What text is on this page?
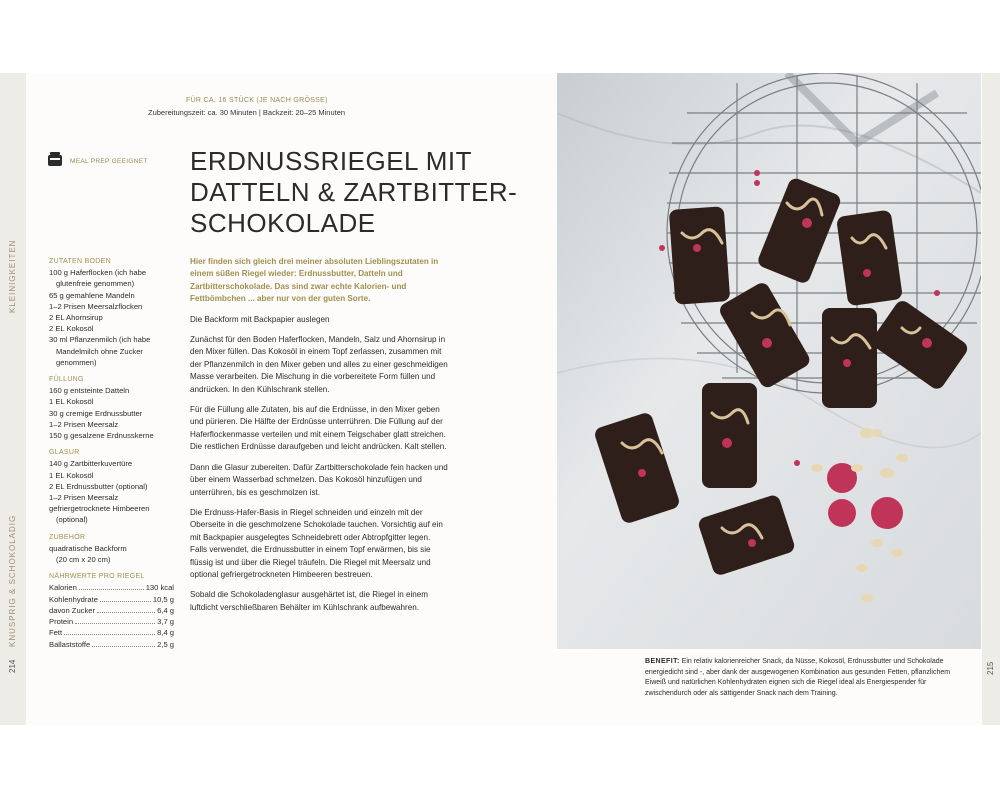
KLEINIGKEITEN
KNUSPRIG & SCHOKOLADIG
214
FÜR CA. 16 STÜCK (JE NACH GRÖSSE)
Zubereitungszeit: ca. 30 Minuten | Backzeit: 20–25 Minuten
MEAL PREP GEEIGNET ERDNUSSRIEGEL MIT
DATTELN & ZARTBITTER-
SCHOKOLADE
ZUTATEN BODEN
100 g Haferflocken (ich habe
glutenfreie genommen)
65 g gemahlene Mandeln
1–2 Prisen Meersalzflocken
2 EL Ahornsirup
2 EL Kokosöl
30 ml Pflanzenmilch (ich habe
Mandelmilch ohne Zucker
genommen)
FÜLLUNG
160 g entsteinte Datteln
1 EL Kokosöl
30 g cremige Erdnussbutter
1–2 Prisen Meersalz
150 g gesalzene Erdnusskerne
GLASUR
140 g Zartbitterkuvertüre
1 EL Kokosöl
2 EL Erdnussbutter (optional)
1–2 Prisen Meersalz
gefriergetrocknete Himbeeren
(optional)
ZUBEHÖR
quadratische Backform
(20 cm x 20 cm)
NÄHRWERTE PRO RIEGEL
Kalorien	130 kcal
Kohlenhydrate	10,5 g
davon Zucker	6,4 g
Protein	3,7 g
Fett	8,4 g
Ballaststoffe	2,5 g

Hier finden sich gleich drei meiner absoluten Lieblingszutaten in einem süßen Riegel wieder: Erdnussbutter, Datteln und Zartbitterschokolade. Das sind zwar echte Kalorien- und Fettbömbchen ... aber nur von der guten Sorte.

Die Backform mit Backpapier auslegen

Zunächst für den Boden Haferflocken, Mandeln, Salz und Ahornsirup in den Mixer füllen. Das Kokosöl in einem Topf zerlassen, zusammen mit der Pflanzenmilch in den Mixer geben und alles zu einer geschmeidigen Masse verarbeiten. Die Mischung in die vorbereitete Form füllen und andrücken. In den Kühlschrank stellen.

Für die Füllung alle Zutaten, bis auf die Erdnüsse, in den Mixer geben und pürieren. Die Hälfte der Erdnüsse unterrühren. Die Füllung auf der Haferflockenmasse verteilen und mit einem Teigschaber glatt streichen. Die restlichen Erdnüsse daraufgeben und leicht andrücken. Kalt stellen.

Dann die Glasur zubereiten. Dafür Zartbitterschokolade fein hacken und über einem Wasserbad schmelzen. Das Kokosöl hinzufügen und unterrühren, bis es geschmolzen ist.

Die Erdnuss-Hafer-Basis in Riegel schneiden und einzeln mit der Oberseite in die geschmolzene Schokolade tauchen. Vorsichtig auf ein mit Backpapier ausgelegtes Schneidebrett oder Abtropfgitter legen. Falls verwendet, die Erdnussbutter in einem Topf erwärmen, bis sie flüssig ist und über die Riegel träufeln. Die Riegel mit Meersalz und optional gefriergetrockneten Himbeeren bestreuen.

Sobald die Schokoladenglasur ausgehärtet ist, die Riegel in einem luftdicht verschließbaren Behälter im Kühlschrank aufbewahren.

BENEFIT: Ein relativ kalorienreicher Snack, da Nüsse, Kokosöl, Erdnussbutter und Schokolade energiedicht sind -, aber dank der ausgewogenen Kombination aus gesunden Fetten, pflanzlichem Eiweiß und natürlichen Kohlenhydraten eignen sich die Riegel ideal als Energiespender für zwischendurch oder als sättigender Snack nach dem Training.
215
